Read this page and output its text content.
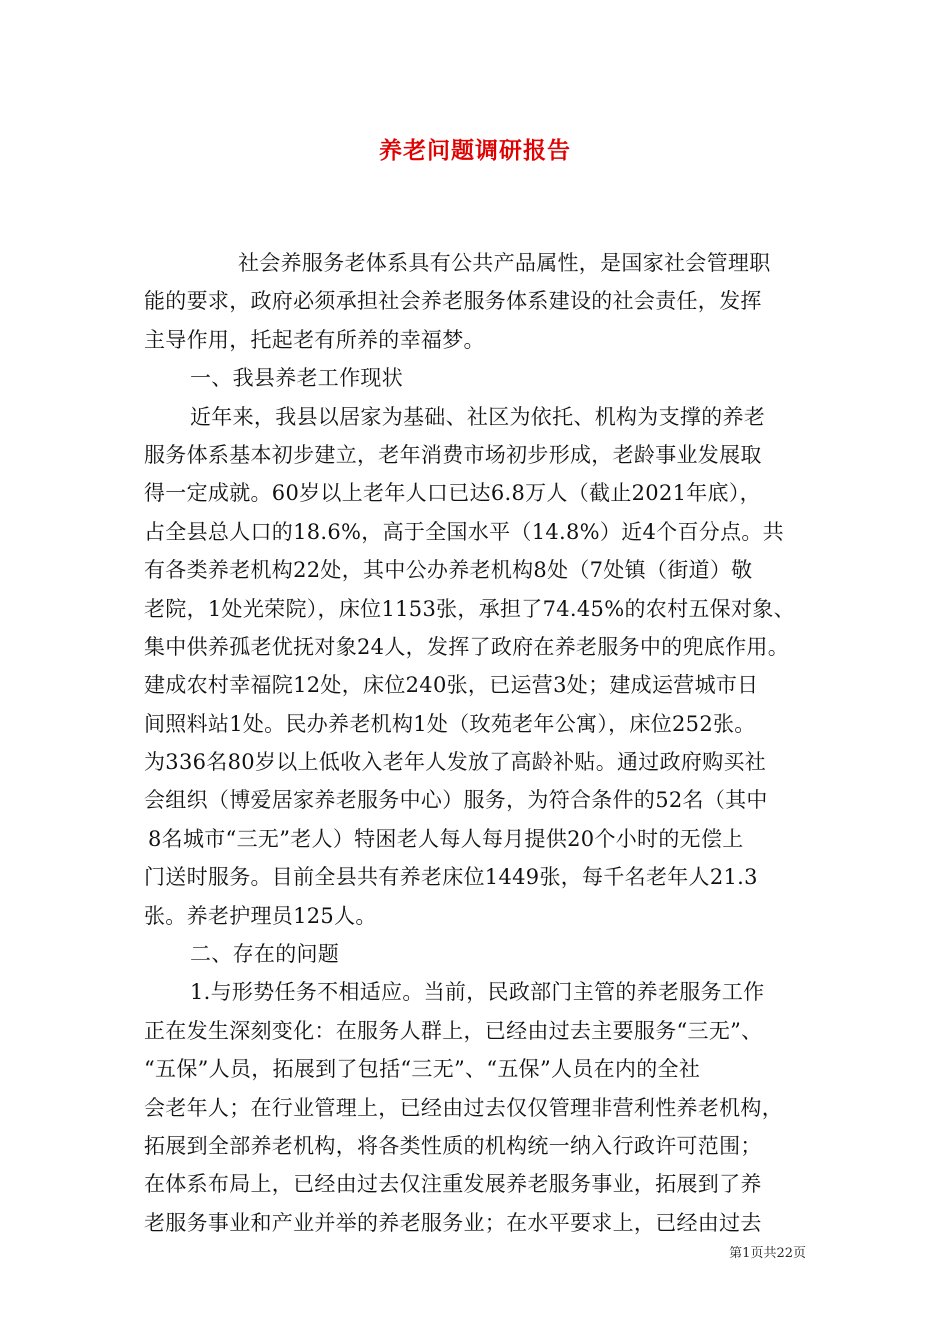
养老问题调研报告
社会养服务老体系具有公共产品属性，是国家社会管理职
能的要求，政府必须承担社会养老服务体系建设的社会责任，发挥
主导作用，托起老有所养的幸福梦。
一、我县养老工作现状
近年来，我县以居家为基础、社区为依托、机构为支撑的养老
服务体系基本初步建立，老年消费市场初步形成，老龄事业发展取
得一定成就。60岁以上老年人口已达6.8万人（截止2021年底），
占全县总人口的18.6%，高于全国水平（14.8%）近4个百分点。共
有各类养老机构22处，其中公办养老机构8处（7处镇（街道）敬
老院，1处光荣院），床位1153张，承担了74.45%的农村五保对象、
集中供养孤老优抚对象24人，发挥了政府在养老服务中的兜底作用。
建成农村幸福院12处，床位240张，已运营3处；建成运营城市日
间照料站1处。民办养老机构1处（玫苑老年公寓），床位252张。
为336名80岁以上低收入老年人发放了高龄补贴。通过政府购买社
会组织（博爱居家养老服务中心）服务，为符合条件的52名（其中
8名城市“三无”老人）特困老人每人每月提供20个小时的无偿上
门送时服务。目前全县共有养老床位1449张，每千名老年人21.3
张。养老护理员125人。
二、存在的问题
1.与形势任务不相适应。当前，民政部门主管的养老服务工作
正在发生深刻变化：在服务人群上，已经由过去主要服务“三无”、
“五保”人员，拓展到了包括“三无”、“五保”人员在内的全社
会老年人；在行业管理上，已经由过去仅仅管理非营利性养老机构，
拓展到全部养老机构，将各类性质的机构统一纳入行政许可范围；
在体系布局上，已经由过去仅注重发展养老服务事业，拓展到了养
老服务事业和产业并举的养老服务业；在水平要求上，已经由过去
第1页共22页
